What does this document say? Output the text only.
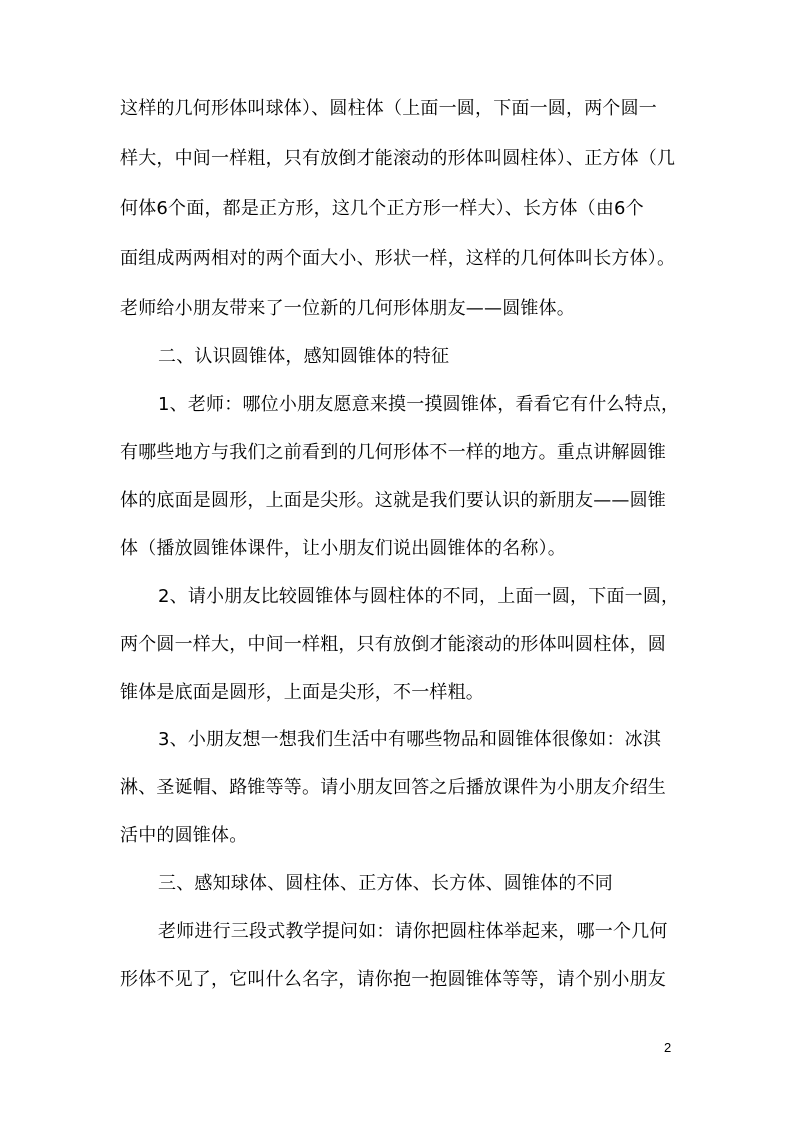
这样的几何形体叫球体）、圆柱体（上面一圆，下面一圆，两个圆一
样大，中间一样粗，只有放倒才能滚动的形体叫圆柱体）、正方体（几
何体6个面，都是正方形，这几个正方形一样大）、长方体（由6个
面组成两两相对的两个面大小、形状一样，这样的几何体叫长方体）。
老师给小朋友带来了一位新的几何形体朋友——圆锥体。
二、认识圆锥体，感知圆锥体的特征
1、老师：哪位小朋友愿意来摸一摸圆锥体，看看它有什么特点，
有哪些地方与我们之前看到的几何形体不一样的地方。重点讲解圆锥
体的底面是圆形，上面是尖形。这就是我们要认识的新朋友——圆锥
体（播放圆锥体课件，让小朋友们说出圆锥体的名称）。
2、请小朋友比较圆锥体与圆柱体的不同，上面一圆，下面一圆，
两个圆一样大，中间一样粗，只有放倒才能滚动的形体叫圆柱体，圆
锥体是底面是圆形，上面是尖形，不一样粗。
3、小朋友想一想我们生活中有哪些物品和圆锥体很像如：冰淇
淋、圣诞帽、路锥等等。请小朋友回答之后播放课件为小朋友介绍生
活中的圆锥体。
三、感知球体、圆柱体、正方体、长方体、圆锥体的不同
老师进行三段式教学提问如：请你把圆柱体举起来，哪一个几何
形体不见了，它叫什么名字，请你抱一抱圆锥体等等，请个别小朋友
2
